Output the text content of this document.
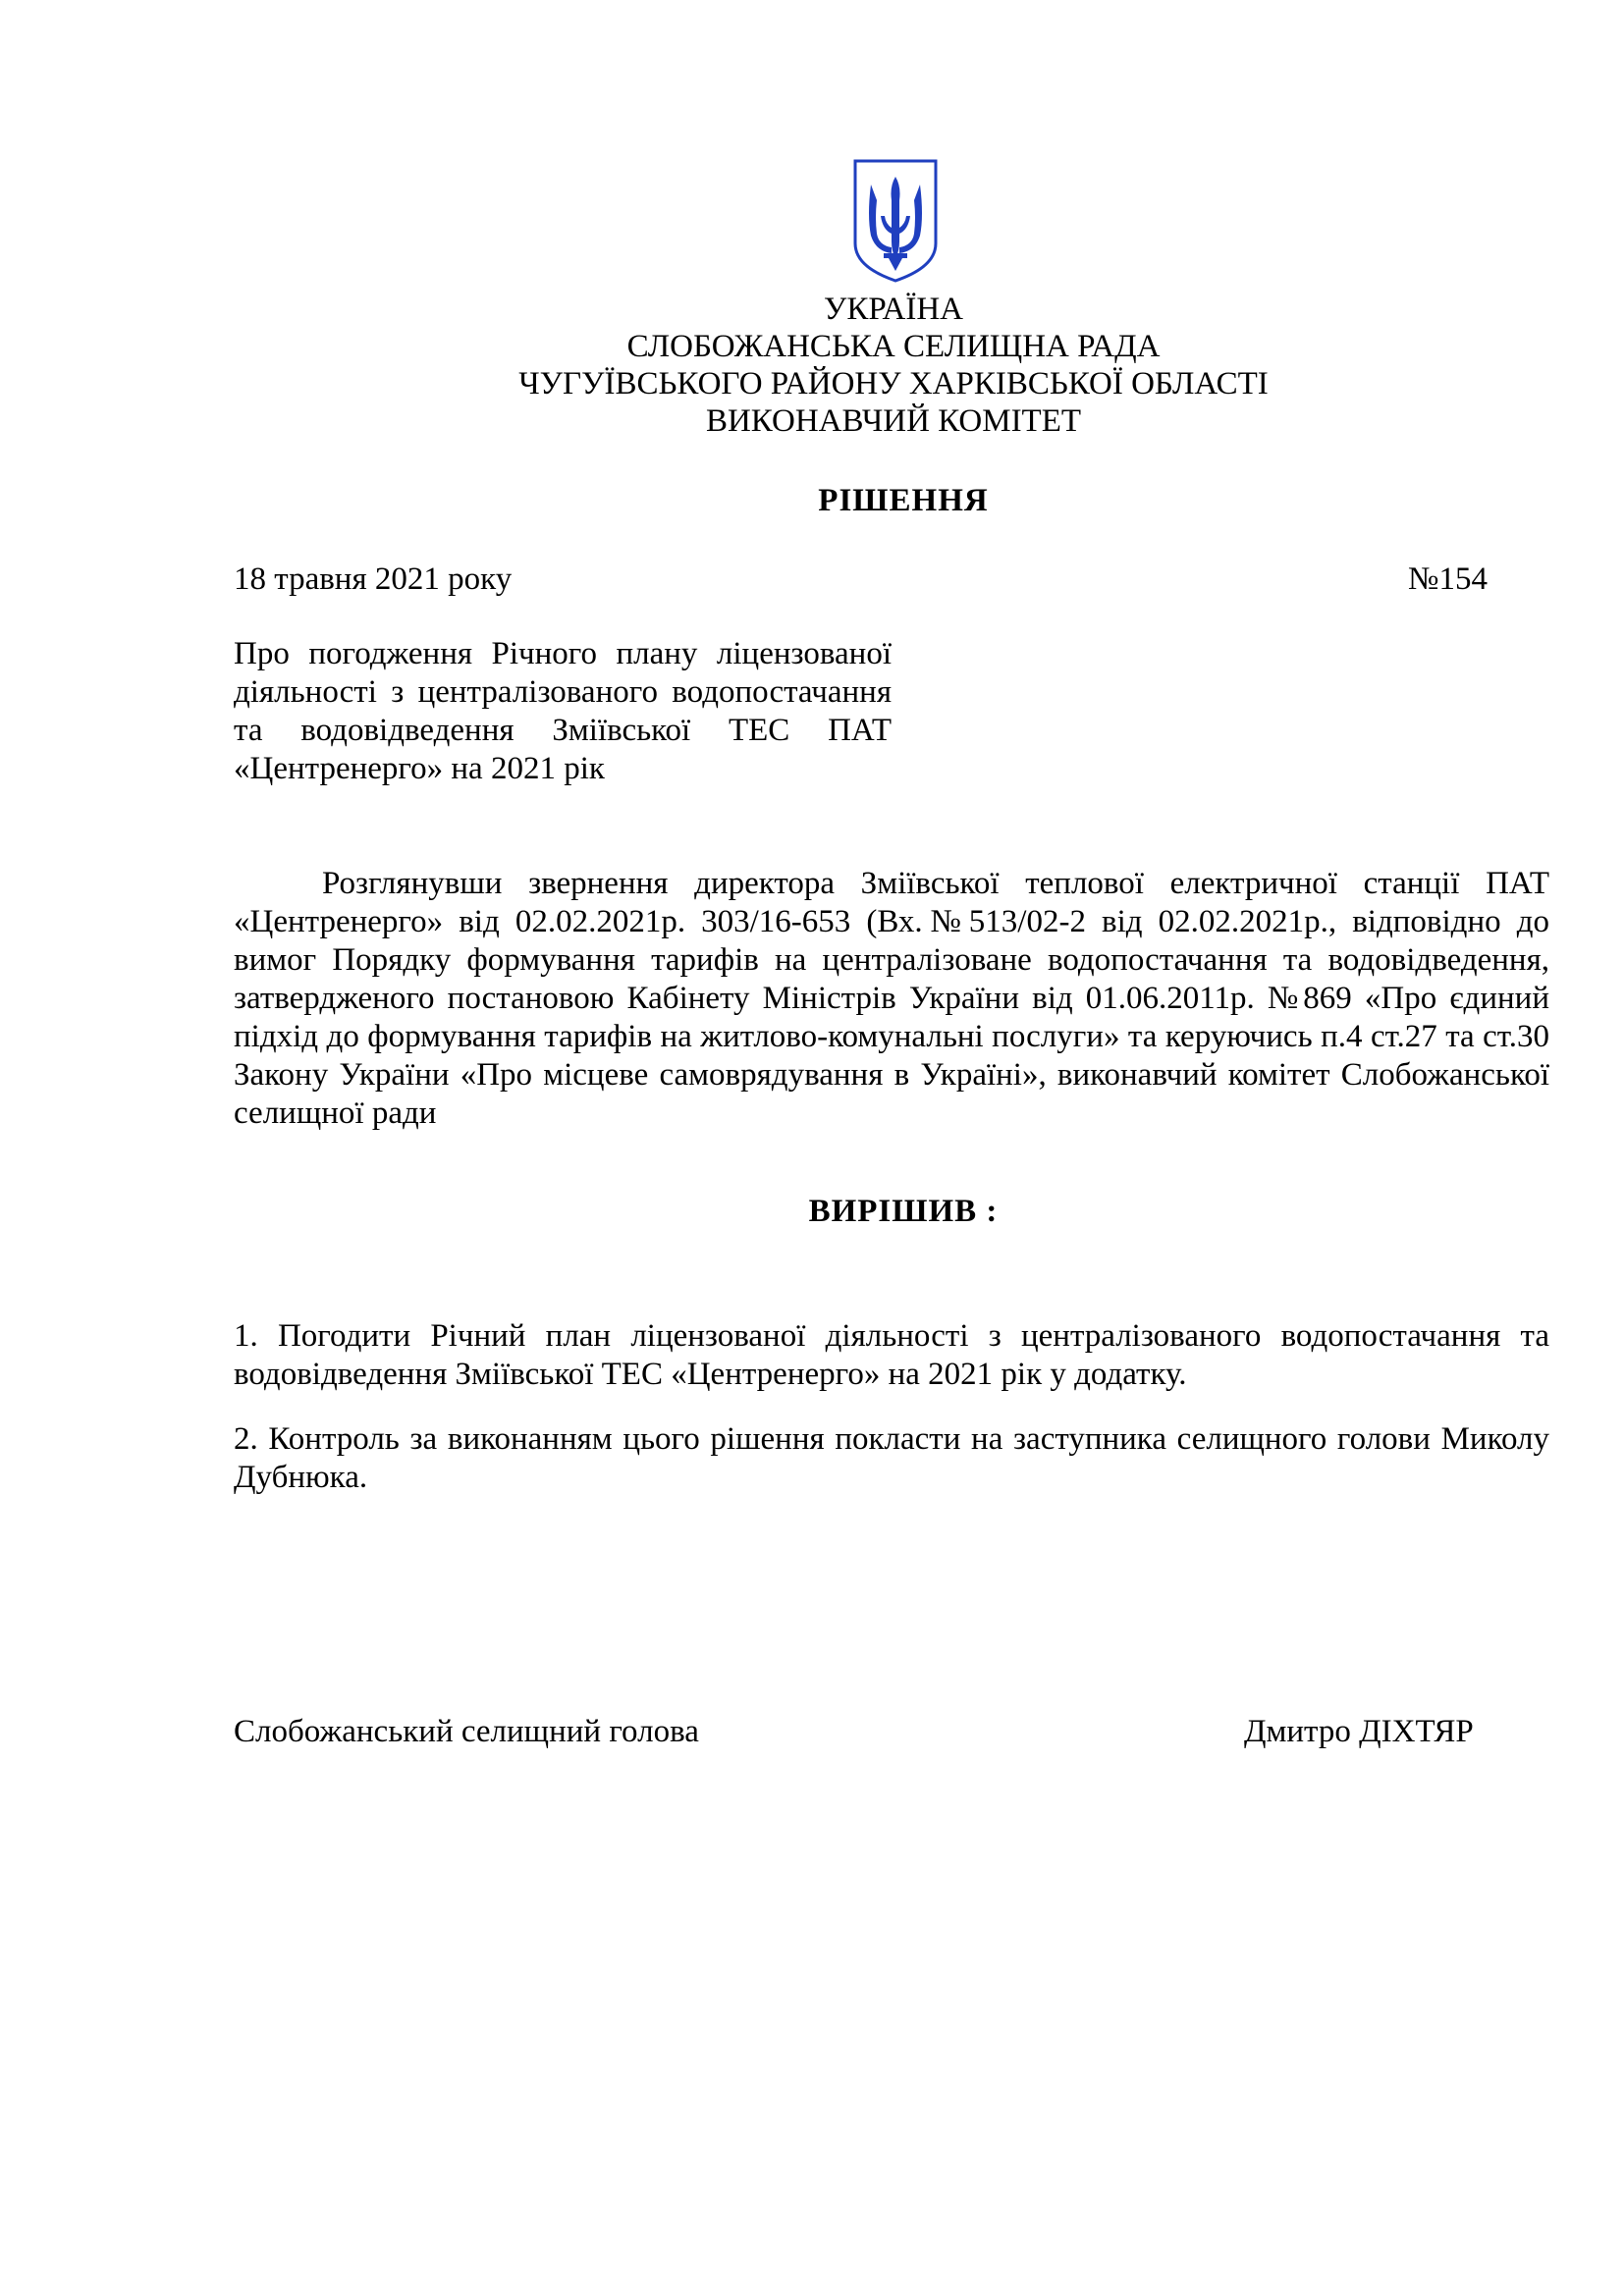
УКРАЇНА
СЛОБОЖАНСЬКА СЕЛИЩНА РАДА
ЧУГУЇВСЬКОГО РАЙОНУ ХАРКІВСЬКОЇ ОБЛАСТІ
ВИКОНАВЧИЙ КОМІТЕТ
РІШЕННЯ
18 травня 2021 року	№154

Про погодження Річного плану ліцензованої

діяльності з централізованого водопостачання

та водовідведення Зміївської ТЕС ПАТ

«Центренерго» на 2021 рік

Розглянувши звернення директора Зміївської теплової електричної станції ПАТ
«Центренерго» від 02.02.2021р. 303/16-653 (Вх.№513/02-2 від 02.02.2021р., відповідно до
вимог Порядку формування тарифів на централізоване водопостачання та водовідведення,
затвердженого постановою Кабінету Міністрів України від 01.06.2011р. №869 «Про єдиний
підхід до формування тарифів на житлово-комунальні послуги» та керуючись п.4 ст.27 та ст.30
Закону України «Про місцеве самоврядування в Україні», виконавчий комітет Слобожанської
селищної ради
ВИРІШИВ :
1. Погодити Річний план ліцензованої діяльності з централізованого водопостачання та
водовідведення Зміївської ТЕС «Центренерго» на 2021 рік у додатку.
2. Контроль за виконанням цього рішення покласти на заступника селищного голови Миколу
Дубнюка.
Слобожанський селищний голова	Дмитро ДІХТЯР
